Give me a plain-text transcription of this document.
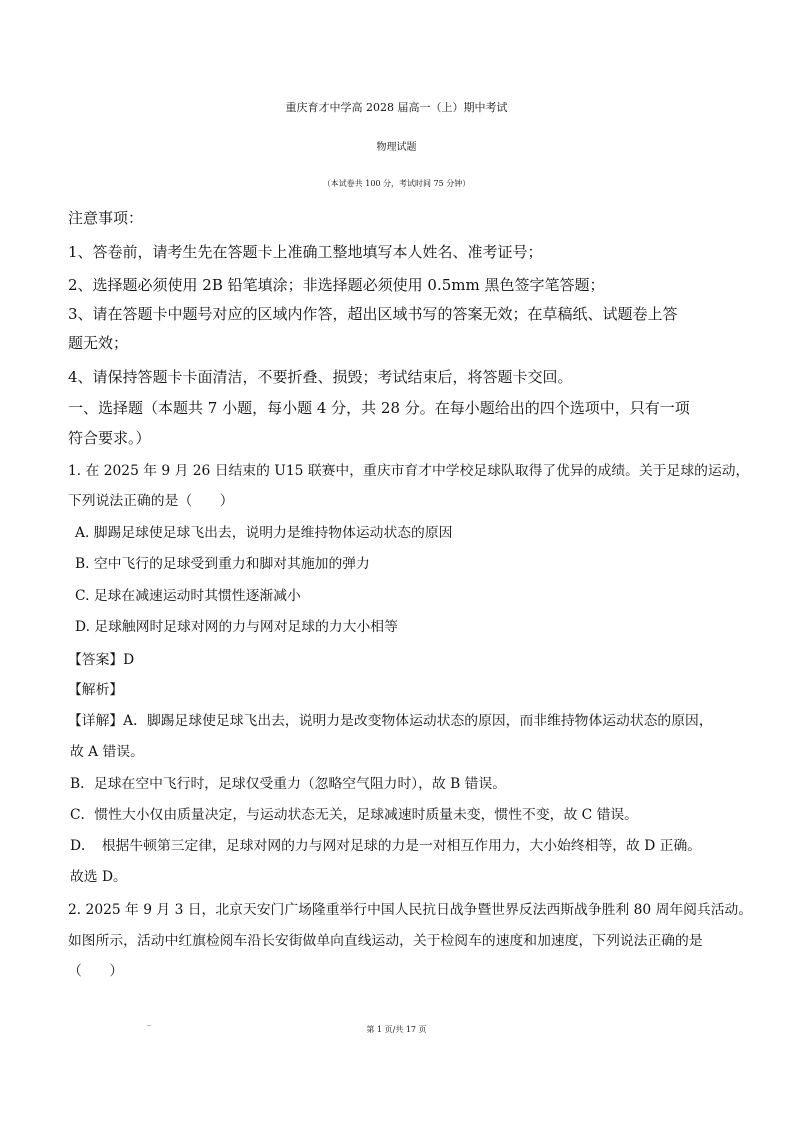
重庆育才中学高 2028 届高一（上）期中考试
物理试题
（本试卷共 100 分，考试时间 75 分钟）
注意事项：
1、答卷前，请考生先在答题卡上准确工整地填写本人姓名、准考证号；
2、选择题必须使用 2B 铅笔填涂；非选择题必须使用 0.5mm 黑色签字笔答题；
3、请在答题卡中题号对应的区域内作答，超出区域书写的答案无效；在草稿纸、试题卷上答
题无效；
4、请保持答题卡卡面清洁，不要折叠、损毁；考试结束后，将答题卡交回。
一、选择题（本题共 7 小题，每小题 4 分，共 28 分。在每小题给出的四个选项中，只有一项
符合要求。）
1. 在 2025 年 9 月 26 日结束的 U15 联赛中，重庆市育才中学校足球队取得了优异的成绩。关于足球的运动，
下列说法正确的是（　　）
A. 脚踢足球使足球飞出去，说明力是维持物体运动状态的原因
B. 空中飞行的足球受到重力和脚对其施加的弹力
C. 足球在减速运动时其惯性逐渐减小
D. 足球触网时足球对网的力与网对足球的力大小相等
【答案】D
【解析】
【详解】A．脚踢足球使足球飞出去，说明力是改变物体运动状态的原因，而非维持物体运动状态的原因，
故 A 错误。
B．足球在空中飞行时，足球仅受重力（忽略空气阻力时），故 B 错误。
C．惯性大小仅由质量决定，与运动状态无关，足球减速时质量未变，惯性不变，故 C 错误。
D．　根据牛顿第三定律，足球对网的力与网对足球的力是一对相互作用力，大小始终相等，故 D 正确。
故选 D。
2. 2025 年 9 月 3 日，北京天安门广场隆重举行中国人民抗日战争暨世界反法西斯战争胜利 80 周年阅兵活动。
如图所示，活动中红旗检阅车沿长安街做单向直线运动，关于检阅车的速度和加速度，下列说法正确的是
（　　）
第 1 页/共 17 页
